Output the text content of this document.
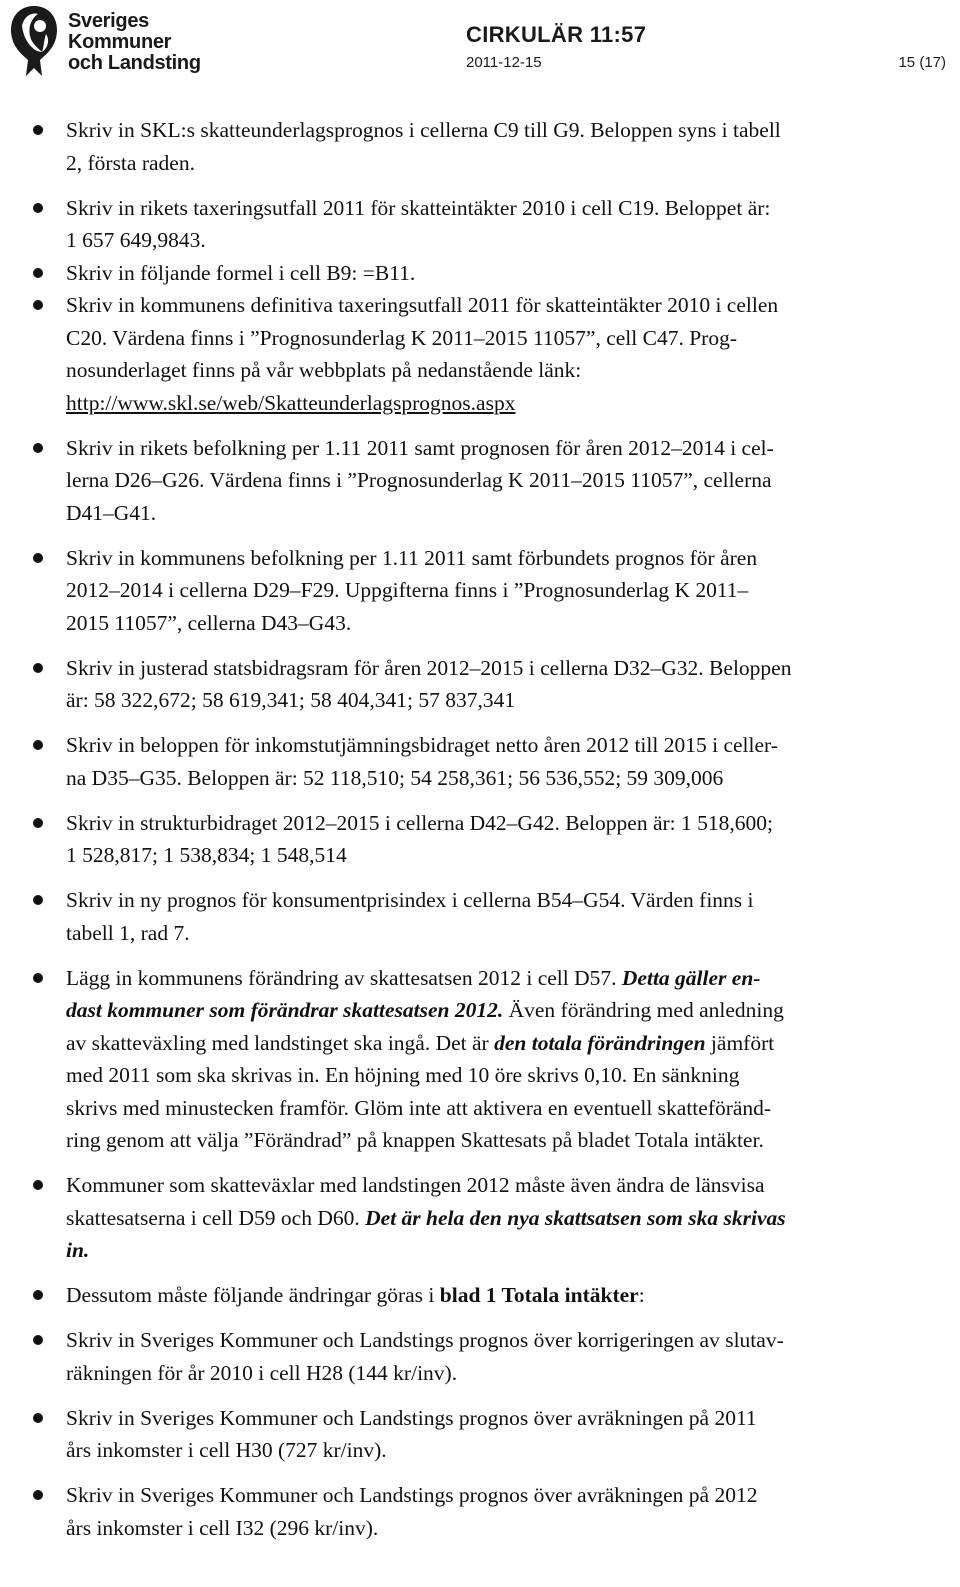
Sveriges
Kommuner
och Landsting
CIRKULÄR 11:57
2011-12-15	15 (17)
Skriv in SKL:s skatteunderlagsprognos i cellerna C9 till G9. Beloppen syns i tabell
2, första raden.
Skriv in rikets taxeringsutfall 2011 för skatteintäkter 2010 i cell C19. Beloppet är:
1 657 649,9843.
Skriv in följande formel i cell B9: =B11.
Skriv in kommunens definitiva taxeringsutfall 2011 för skatteintäkter 2010 i cellen
C20. Värdena finns i ”Prognosunderlag K 2011–2015 11057”, cell C47. Prog-
nosunderlaget finns på vår webbplats på nedanstående länk:
http://www.skl.se/web/Skatteunderlagsprognos.aspx
Skriv in rikets befolkning per 1.11 2011 samt prognosen för åren 2012–2014 i cel-
lerna D26–G26. Värdena finns i ”Prognosunderlag K 2011–2015 11057”, cellerna
D41–G41.
Skriv in kommunens befolkning per 1.11 2011 samt förbundets prognos för åren
2012–2014 i cellerna D29–F29. Uppgifterna finns i ”Prognosunderlag K 2011–
2015 11057”, cellerna D43–G43.
Skriv in justerad statsbidragsram för åren 2012–2015 i cellerna D32–G32. Beloppen
är: 58 322,672; 58 619,341; 58 404,341; 57 837,341
Skriv in beloppen för inkomstutjämningsbidraget netto åren 2012 till 2015 i celler-
na D35–G35. Beloppen är: 52 118,510; 54 258,361; 56 536,552; 59 309,006
Skriv in strukturbidraget 2012–2015 i cellerna D42–G42. Beloppen är: 1 518,600;
1 528,817; 1 538,834; 1 548,514
Skriv in ny prognos för konsumentprisindex i cellerna B54–G54. Värden finns i
tabell 1, rad 7.
Lägg in kommunens förändring av skattesatsen 2012 i cell D57. Detta gäller en-
dast kommuner som förändrar skattesatsen 2012. Även förändring med anledning
av skatteväxling med landstinget ska ingå. Det är den totala förändringen jämfört
med 2011 som ska skrivas in. En höjning med 10 öre skrivs 0,10. En sänkning
skrivs med minustecken framför. Glöm inte att aktivera en eventuell skatteföränd-
ring genom att välja ”Förändrad” på knappen Skattesats på bladet Totala intäkter.
Kommuner som skatteväxlar med landstingen 2012 måste även ändra de länsvisa
skattesatserna i cell D59 och D60. Det är hela den nya skattsatsen som ska skrivas
in.
Dessutom måste följande ändringar göras i blad 1 Totala intäkter:
Skriv in Sveriges Kommuner och Landstings prognos över korrigeringen av slutav-
räkningen för år 2010 i cell H28 (144 kr/inv).
Skriv in Sveriges Kommuner och Landstings prognos över avräkningen på 2011
års inkomster i cell H30 (727 kr/inv).
Skriv in Sveriges Kommuner och Landstings prognos över avräkningen på 2012
års inkomster i cell I32 (296 kr/inv).
